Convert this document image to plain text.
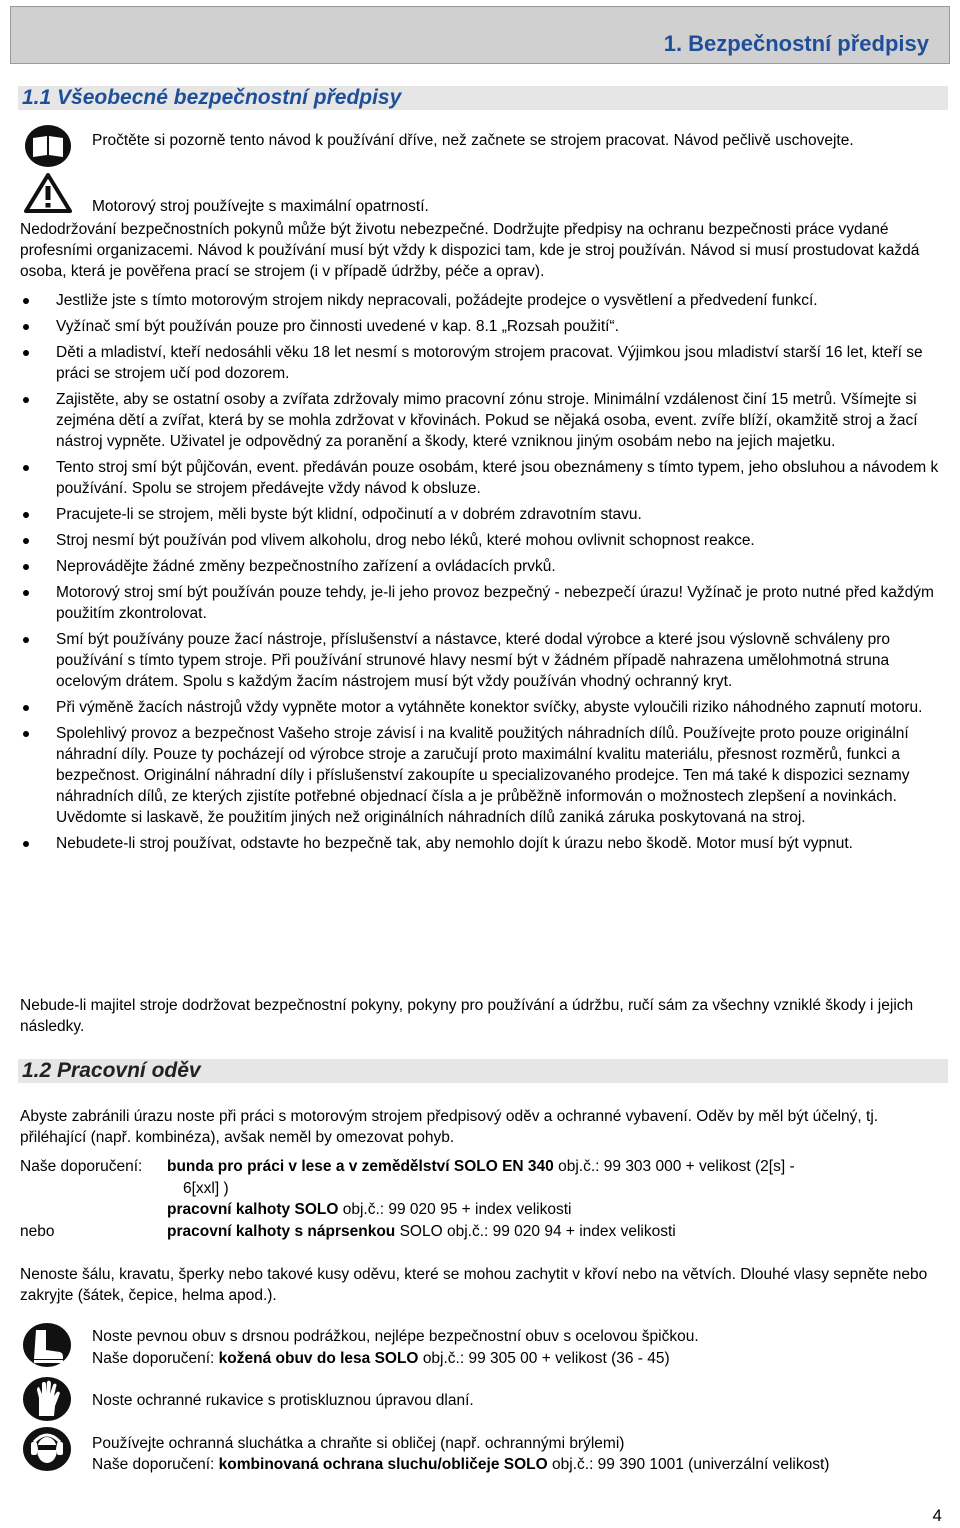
1. Bezpečnostní předpisy
1.1 Všeobecné bezpečnostní předpisy
Pročtěte si pozorně tento návod k používání dříve, než začnete se strojem pracovat. Návod pečlivě uschovejte.
Motorový stroj používejte s maximální opatrností.
Nedodržování bezpečnostních pokynů může být životu nebezpečné. Dodržujte předpisy na ochranu bezpečnosti práce vydané profesními organizacemi. Návod k používání musí být vždy k dispozici tam, kde je stroj používán. Návod si musí prostudovat každá osoba, která je pověřena prací se strojem (i v případě údržby, péče a oprav).
Jestliže jste s tímto motorovým strojem nikdy nepracovali, požádejte prodejce o vysvětlení a předvedení funkcí.
Vyžínač smí být používán pouze pro činnosti uvedené v kap. 8.1 „Rozsah použití“.
Děti a mladiství, kteří nedosáhli věku 18 let nesmí s motorovým strojem pracovat. Výjimkou jsou mladiství starší 16 let, kteří se práci se strojem učí pod dozorem.
Zajistěte, aby se ostatní osoby a zvířata zdržovaly mimo pracovní zónu stroje. Minimální vzdálenost činí 15 metrů. Všímejte si zejména dětí a zvířat, která by se mohla zdržovat v křovinách. Pokud se nějaká osoba, event. zvíře blíží, okamžitě stroj a žací nástroj vypněte. Uživatel je odpovědný za poranění a škody, které vzniknou jiným osobám nebo na jejich majetku.
Tento stroj smí být půjčován, event. předáván pouze osobám, které jsou obeznámeny s tímto typem, jeho obsluhou a návodem k používání. Spolu se strojem předávejte vždy návod k obsluze.
Pracujete-li se strojem, měli byste být klidní, odpočinutí a v dobrém zdravotním stavu.
Stroj nesmí být používán pod vlivem alkoholu, drog nebo léků, které mohou ovlivnit schopnost reakce.
Neprovádějte žádné změny bezpečnostního zařízení a ovládacích prvků.
Motorový stroj smí být používán pouze tehdy, je-li jeho provoz bezpečný - nebezpečí úrazu! Vyžínač je proto nutné před každým použitím zkontrolovat.
Smí být používány pouze žací nástroje, příslušenství a nástavce, které dodal výrobce a které jsou výslovně schváleny pro používání s tímto typem stroje. Při používání strunové hlavy nesmí být v žádném případě nahrazena umělohmotná struna ocelovým drátem. Spolu s každým žacím nástrojem musí být vždy používán vhodný ochranný kryt.
Při výměně žacích nástrojů vždy vypněte motor a vytáhněte konektor svíčky, abyste vyloučili riziko náhodného zapnutí motoru.
Spolehlivý provoz a bezpečnost Vašeho stroje závisí i na kvalitě použitých náhradních dílů. Používejte proto pouze originální náhradní díly. Pouze ty pocházejí od výrobce stroje a zaručují proto maximální kvalitu materiálu, přesnost rozměrů, funkci a bezpečnost. Originální náhradní díly i příslušenství zakoupíte u specializovaného prodejce. Ten má také k dispozici seznamy náhradních dílů, ze kterých zjistíte potřebné objednací čísla a je průběžně informován o možnostech zlepšení a novinkách. Uvědomte si laskavě, že použitím jiných než originálních náhradních dílů zaniká záruka poskytovaná na stroj.
Nebudete-li stroj používat, odstavte ho bezpečně tak, aby nemohlo dojít k úrazu nebo škodě. Motor musí být vypnut.
Nebude-li majitel stroje dodržovat bezpečnostní pokyny, pokyny pro používání a údržbu, ručí sám za všechny vzniklé škody i jejich následky.
1.2 Pracovní oděv
Abyste zabránili úrazu noste při práci s motorovým strojem předpisový oděv a ochranné vybavení. Oděv by měl být účelný, tj. přiléhající (např. kombinéza), avšak neměl by omezovat pohyb.
Naše doporučení: bunda pro práci v lese a v zemědělství SOLO EN 340 obj.č.: 99 303 000 + velikost (2[s] -
6[xxl] )
pracovní kalhoty SOLO obj.č.: 99 020 95 + index velikosti
nebo	pracovní kalhoty s náprsenkou SOLO obj.č.: 99 020 94 + index velikosti
Nenoste šálu, kravatu, šperky nebo takové kusy oděvu, které se mohou zachytit v křoví nebo na větvích. Dlouhé vlasy sepněte nebo zakryjte (šátek, čepice, helma apod.).
Noste pevnou obuv s drsnou podrážkou, nejlépe bezpečnostní obuv s ocelovou špičkou.
Naše doporučení: kožená obuv do lesa SOLO obj.č.: 99 305 00 + velikost (36 - 45)
Noste ochranné rukavice s protiskluznou úpravou dlaní.
Používejte ochranná sluchátka a chraňte si obličej (např. ochrannými brýlemi)
Naše doporučení: kombinovaná ochrana sluchu/obličeje SOLO obj.č.: 99 390 1001 (univerzální velikost)
4
